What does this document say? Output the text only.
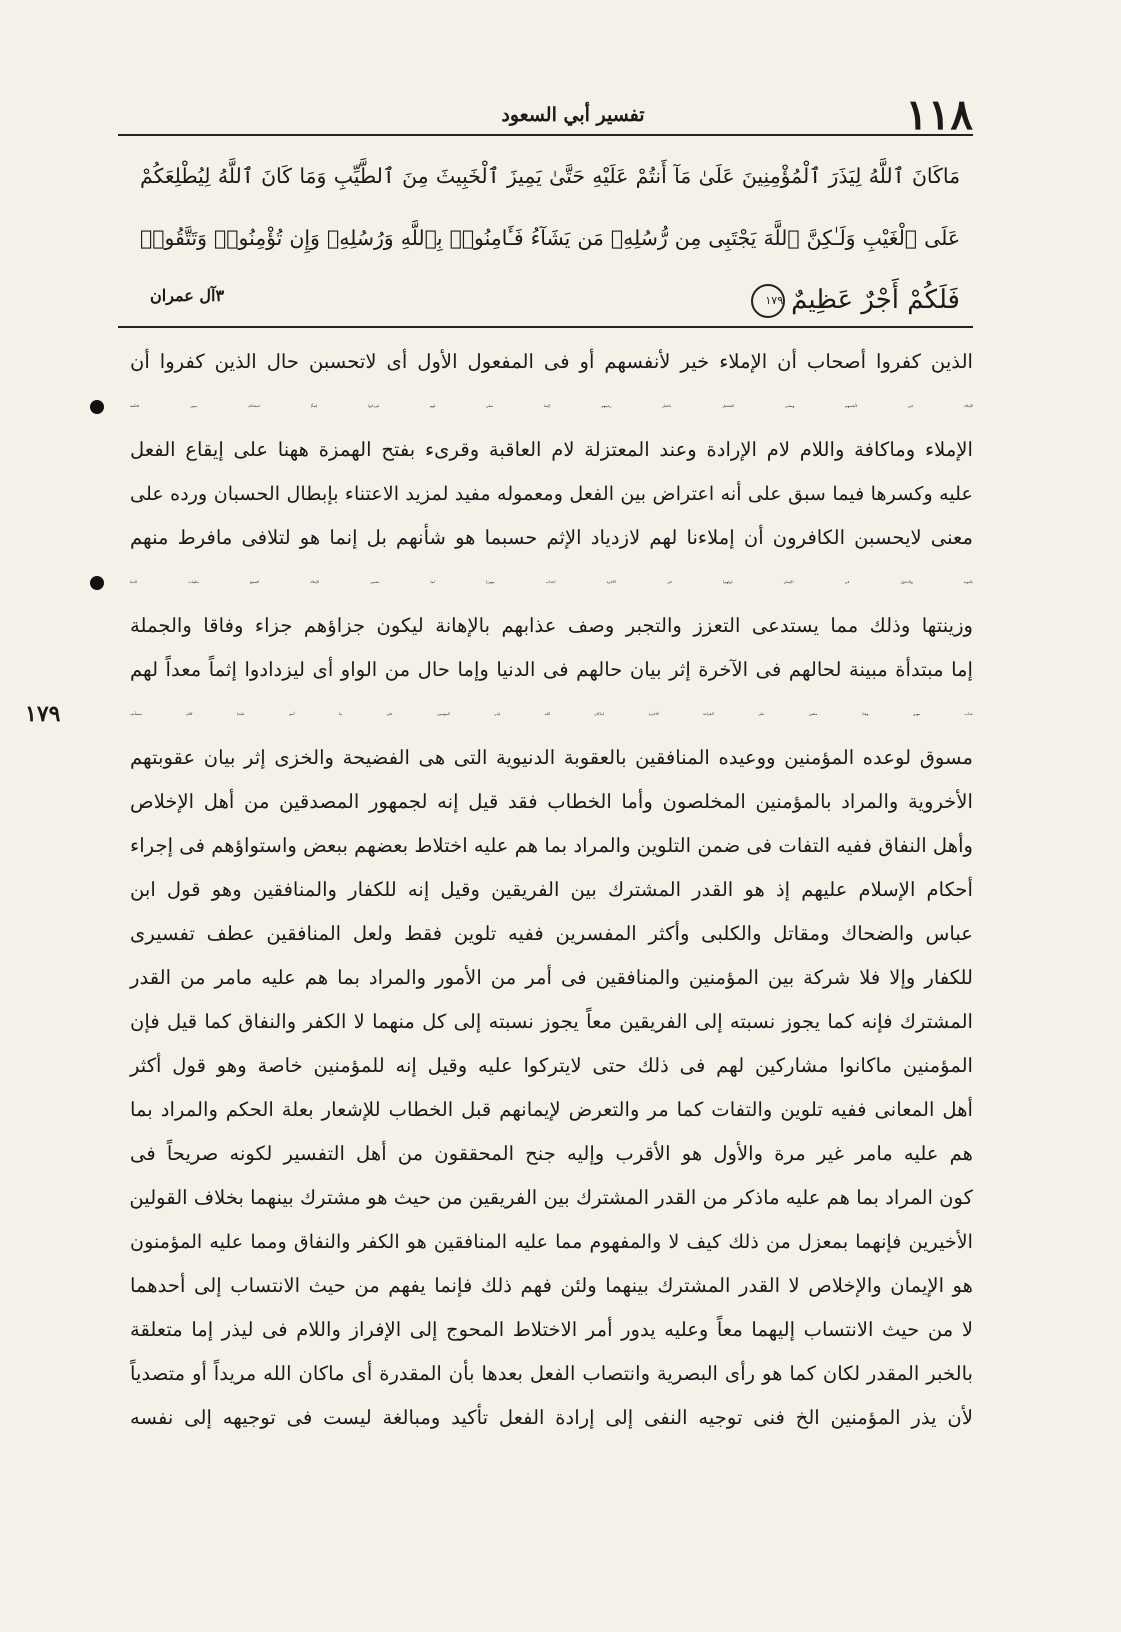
١١٨
تفسير أبي السعود
مَاكَانَ ٱللَّهُ لِيَذَرَ ٱلْمُؤْمِنِينَ عَلَىٰ مَآ أَنتُمْ عَلَيْهِ حَتَّىٰ يَمِيزَ ٱلْخَبِيثَ مِنَ ٱلطَّيِّبِ وَمَا كَانَ ٱللَّهُ لِيُطْلِعَكُمْ
عَلَى ٱلْغَيْبِ وَلَـٰكِنَّ ٱللَّهَ يَجْتَبِى مِن رُّسُلِهِۦ مَن يَشَآءُ فَـَٔامِنُوا۟ بِٱللَّهِ وَرُسُلِهِۦ وَإِن تُؤْمِنُوا۟ وَتَتَّقُوا۟
فَلَكُمْ أَجْرٌ عَظِيمٌ١٧٩
٣آل عمران
الذين كفروا أصحاب أن الإملاء خير لأنفسهم أو فى المفعول الأول أى لاتحسبن حال الذين كفروا أن
الإملاء خير لأنفسهم ومعنى التفضيل باعتبار زعمهم (إنما نملى لهم ليزدادوا إثماً) استئناف مبين لحكمة
الإملاء وماكافة واللام لام الإرادة وعند المعتزلة لام العاقبة وقرىء بفتح الهمزة ههنا على إيقاع الفعل
عليه وكسرها فيما سبق على أنه اعتراض بين الفعل ومعموله مفيد لمزيد الاعتناء بإبطال الحسبان ورده على
معنى لايحسبن الكافرون أن إملاءنا لهم لازدياد الإثم حسبما هو شأنهم بل إنما هو لتلافى مافرط منهم
بالتوبة والدخول فى الإيمان (ولهم) فى الآخرة (عذاب مهين) لما تضمن الإملاء التمتيع بطيبات الدنيا
وزينتها وذلك مما يستدعى التعزز والتجبر وصف عذابهم بالإهانة ليكون جزاؤهم جزاء وفاقا والجملة
إما مبتدأة مبينة لحالهم فى الآخرة إثر بيان حالهم فى الدنيا وإما حال من الواو أى ليزدادوا إثماً معداً لهم
١٧٩	عذاب مهين وهذا متعين على القراءة الأخيرة (ماكان الله ليذر المؤمنين على ما أنتم عليه) كلام مستأنف
مسوق لوعده المؤمنين ووعيده المنافقين بالعقوبة الدنيوية التى هى الفضيحة والخزى إثر بيان عقوبتهم
الأخروية والمراد بالمؤمنين المخلصون وأما الخطاب فقد قيل إنه لجمهور المصدقين من أهل الإخلاص
وأهل النفاق ففيه التفات فى ضمن التلوين والمراد بما هم عليه اختلاط بعضهم ببعض واستواؤهم فى إجراء
أحكام الإسلام عليهم إذ هو القدر المشترك بين الفريقين وقيل إنه للكفار والمنافقين وهو قول ابن
عباس والضحاك ومقاتل والكلبى وأكثر المفسرين ففيه تلوين فقط ولعل المنافقين عطف تفسيرى
للكفار وإلا فلا شركة بين المؤمنين والمنافقين فى أمر من الأمور والمراد بما هم عليه مامر من القدر
المشترك فإنه كما يجوز نسبته إلى الفريقين معاً يجوز نسبته إلى كل منهما لا الكفر والنفاق كما قيل فإن
المؤمنين ماكانوا مشاركين لهم فى ذلك حتى لايتركوا عليه وقيل إنه للمؤمنين خاصة وهو قول أكثر
أهل المعانى ففيه تلوين والتفات كما مر والتعرض لإيمانهم قبل الخطاب للإشعار بعلة الحكم والمراد بما
هم عليه مامر غير مرة والأول هو الأقرب وإليه جنح المحققون من أهل التفسير لكونه صريحاً فى
كون المراد بما هم عليه ماذكر من القدر المشترك بين الفريقين من حيث هو مشترك بينهما بخلاف القولين
الأخيرين فإنهما بمعزل من ذلك كيف لا والمفهوم مما عليه المنافقين هو الكفر والنفاق ومما عليه المؤمنون
هو الإيمان والإخلاص لا القدر المشترك بينهما ولئن فهم ذلك فإنما يفهم من حيث الانتساب إلى أحدهما
لا من حيث الانتساب إليهما معاً وعليه يدور أمر الاختلاط المحوج إلى الإفراز واللام فى ليذر إما متعلقة
بالخبر المقدر لكان كما هو رأى البصرية وانتصاب الفعل بعدها بأن المقدرة أى ماكان الله مريداً أو متصدياً
لأن يذر المؤمنين الخ فنى توجيه النفى إلى إرادة الفعل تأكيد ومبالغة ليست فى توجيهه إلى نفسه
